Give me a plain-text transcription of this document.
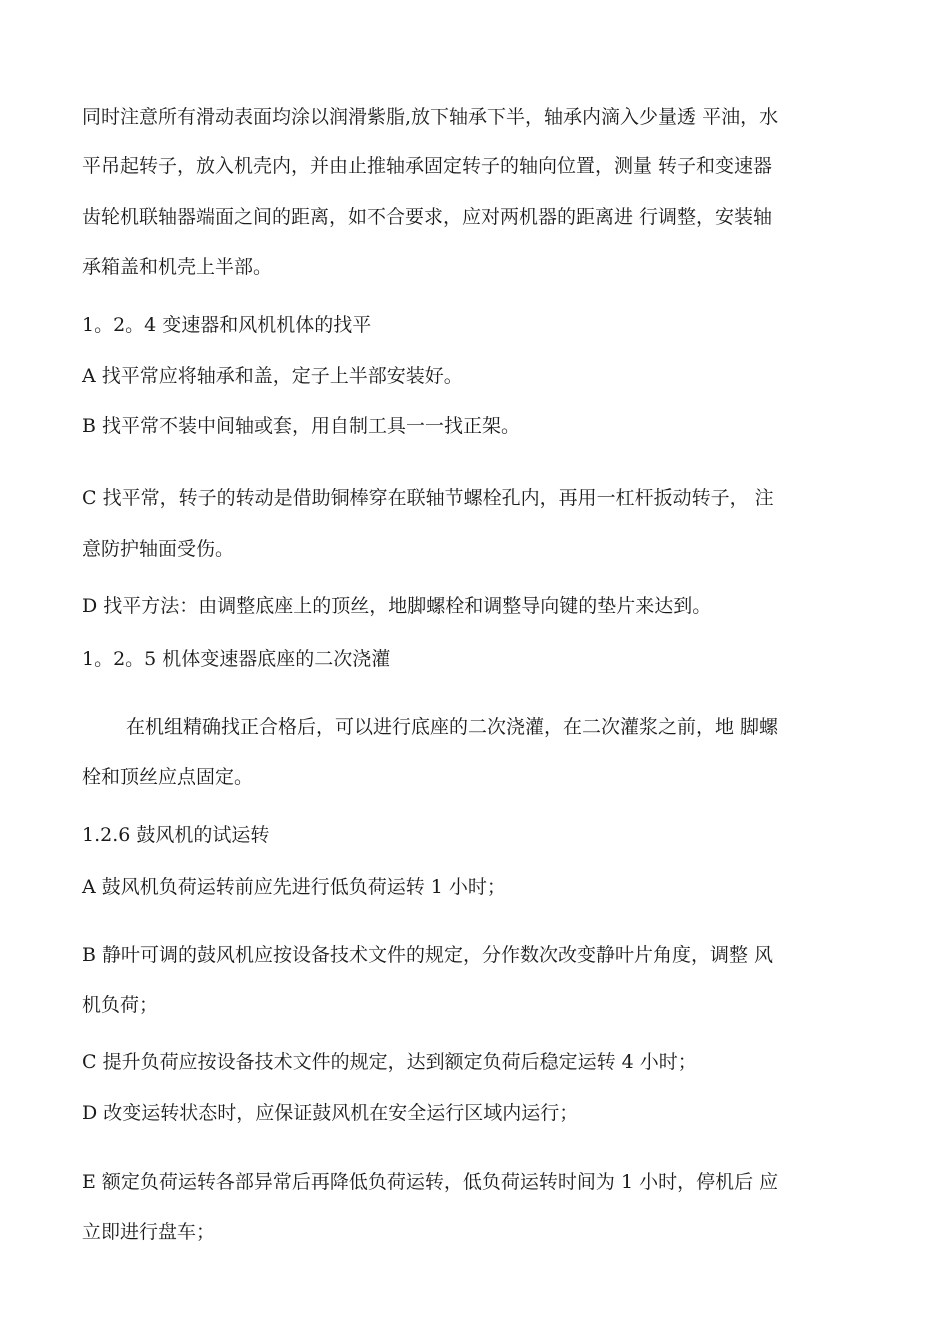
同时注意所有滑动表面均涂以润滑紫脂,放下轴承下半，轴承内滴入少量透 平油，水

平吊起转子，放入机壳内，并由止推轴承固定转子的轴向位置，测量 转子和变速器

齿轮机联轴器端面之间的距离，如不合要求，应对两机器的距离进 行调整，安装轴

承箱盖和机壳上半部。

1。2。4 变速器和风机机体的找平

A 找平常应将轴承和盖，定子上半部安装好。

B 找平常不装中间轴或套，用自制工具一一找正架。

C 找平常，转子的转动是借助铜棒穿在联轴节螺栓孔内，再用一杠杆扳动转子， 注

意防护轴面受伤。

D 找平方法：由调整底座上的顶丝，地脚螺栓和调整导向键的垫片来达到。

1。2。5 机体变速器底座的二次浇灌

在机组精确找正合格后，可以进行底座的二次浇灌，在二次灌浆之前，地 脚螺

栓和顶丝应点固定。

1.2.6 鼓风机的试运转

A 鼓风机负荷运转前应先进行低负荷运转 1 小时；

B 静叶可调的鼓风机应按设备技术文件的规定，分作数次改变静叶片角度，调整 风

机负荷；

C 提升负荷应按设备技术文件的规定，达到额定负荷后稳定运转 4 小时；

D 改变运转状态时，应保证鼓风机在安全运行区域内运行；

E 额定负荷运转各部异常后再降低负荷运转，低负荷运转时间为 1 小时，停机后 应

立即进行盘车；
